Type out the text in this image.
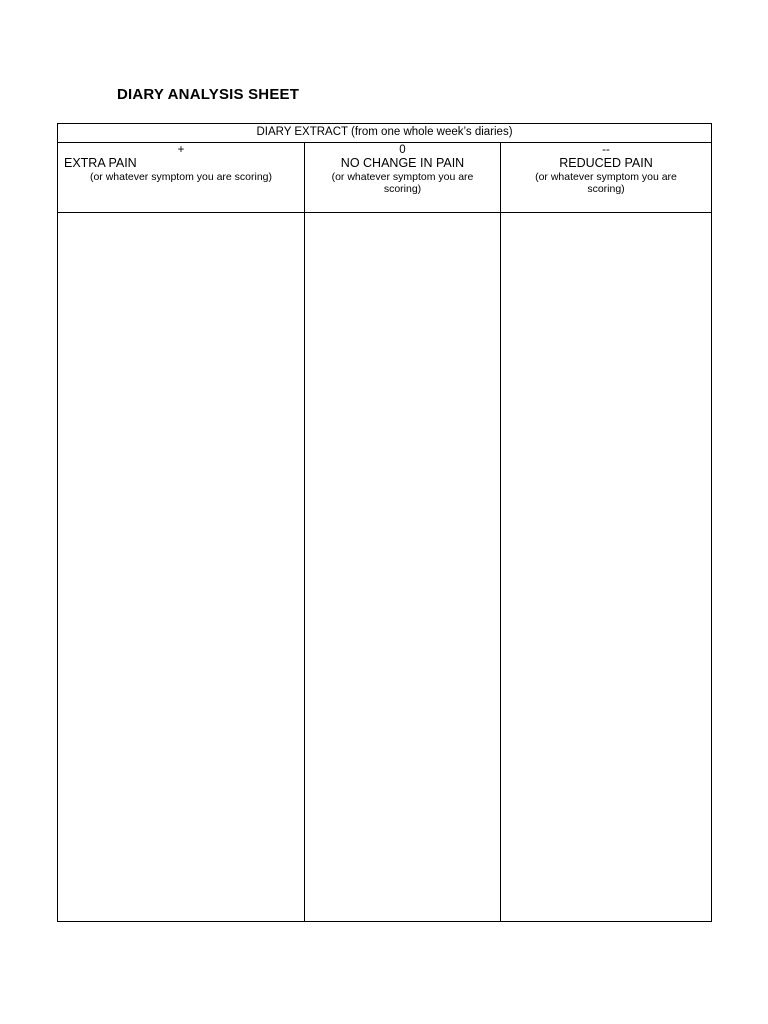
DIARY ANALYSIS SHEET
DIARY EXTRACT (from one whole week’s diaries)
+
EXTRA PAIN
(or whatever symptom you are scoring)
0
NO CHANGE IN PAIN
(or whatever symptom you are scoring)
--
REDUCED PAIN
(or whatever symptom you are scoring)
